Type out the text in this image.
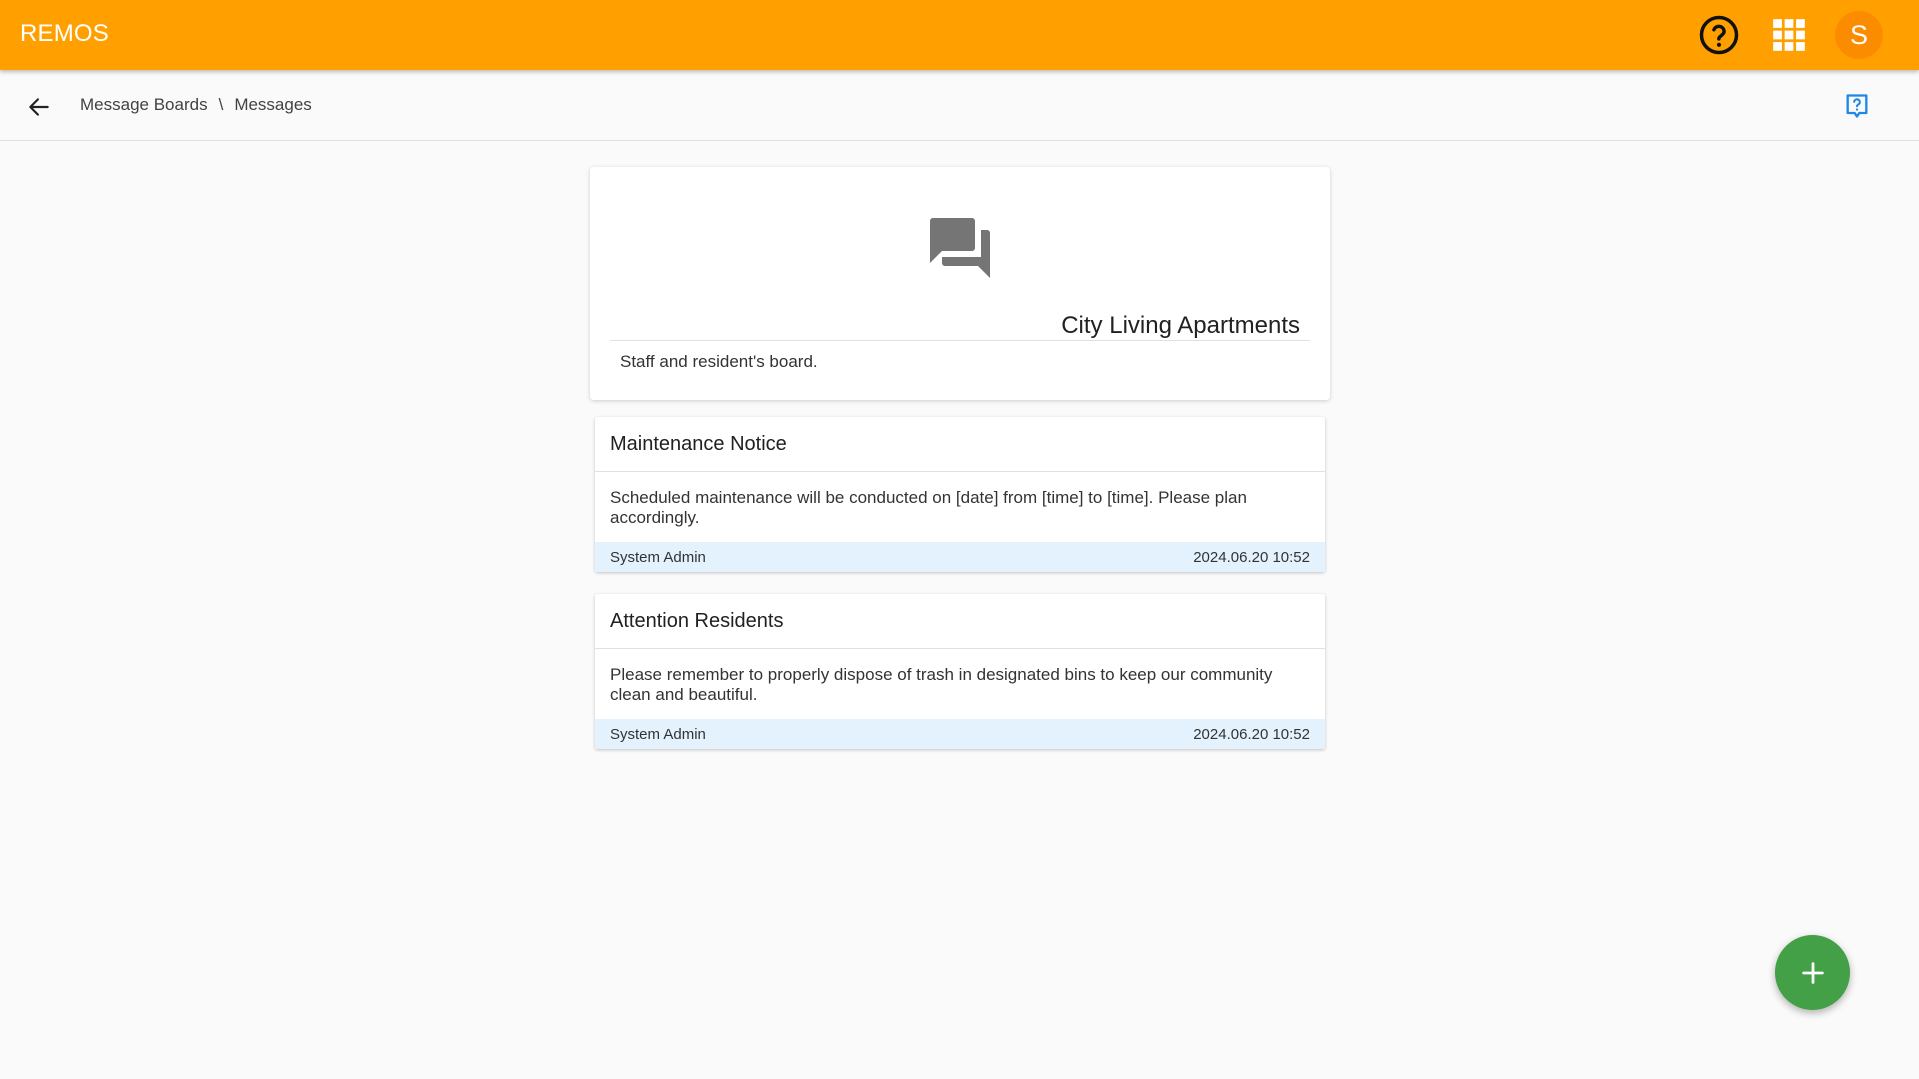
REMOS	S
Message Boards \ Messages
City Living Apartments
Staff and resident's board.
Maintenance Notice
Scheduled maintenance will be conducted on [date] from [time] to [time]. Please plan accordingly.
System Admin	2024.06.20 10:52
Attention Residents
Please remember to properly dispose of trash in designated bins to keep our community clean and beautiful.
System Admin	2024.06.20 10:52
